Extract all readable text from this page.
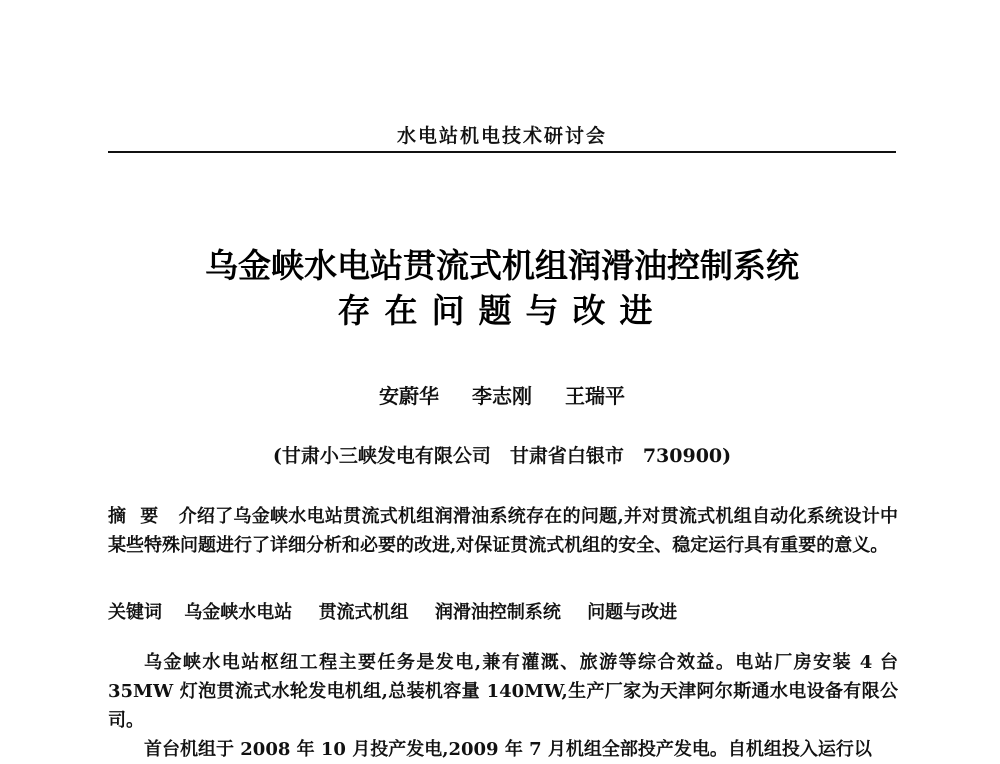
水电站机电技术研讨会
乌金峡水电站贯流式机组润滑油控制系统
存在问题与改进
安蔚华 李志刚 王瑞平
(甘肃小三峡发电有限公司　甘肃省白银市　730900)
摘要 介绍了乌金峡水电站贯流式机组润滑油系统存在的问题,并对贯流式机组自动化系统设计中某些特殊问题进行了详细分析和必要的改进,对保证贯流式机组的安全、稳定运行具有重要的意义。
关键词 乌金峡水电站 贯流式机组 润滑油控制系统 问题与改进

乌金峡水电站枢纽工程主要任务是发电,兼有灌溉、旅游等综合效益。电站厂房安装 4 台 35MW 灯泡贯流式水轮发电机组,总装机容量 140MW,生产厂家为天津阿尔斯通水电设备有限公司。

首台机组于 2008 年 10 月投产发电,2009 年 7 月机组全部投产发电。自机组投入运行以
